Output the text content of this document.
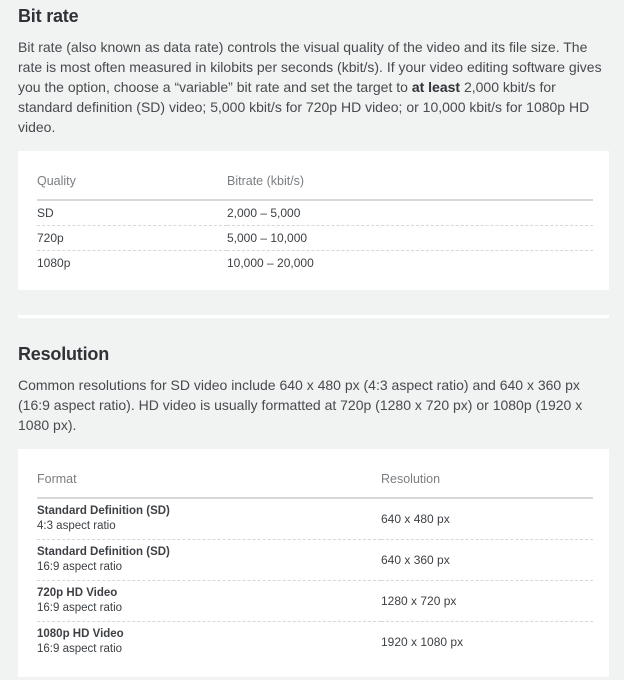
Bit rate

Bit rate (also known as data rate) controls the visual quality of the video and its file size. The rate is most often measured in kilobits per seconds (kbit/s). If your video editing software gives you the option, choose a “variable” bit rate and set the target to at least 2,000 kbit/s for standard definition (SD) video; 5,000 kbit/s for 720p HD video; or 10,000 kbit/s for 1080p HD video.

Quality	Bitrate (kbit/s)
SD	2,000 – 5,000
720p	5,000 – 10,000
1080p	10,000 – 20,000
Resolution

Common resolutions for SD video include 640 x 480 px (4:3 aspect ratio) and 640 x 360 px (16:9 aspect ratio). HD video is usually formatted at 720p (1280 x 720 px) or 1080p (1920 x 1080 px).

Format	Resolution

Standard Definition (SD)
4:3 aspect ratio	640 x 480 px

Standard Definition (SD)
16:9 aspect ratio	640 x 360 px

720p HD Video
16:9 aspect ratio	1280 x 720 px

1080p HD Video
16:9 aspect ratio	1920 x 1080 px
